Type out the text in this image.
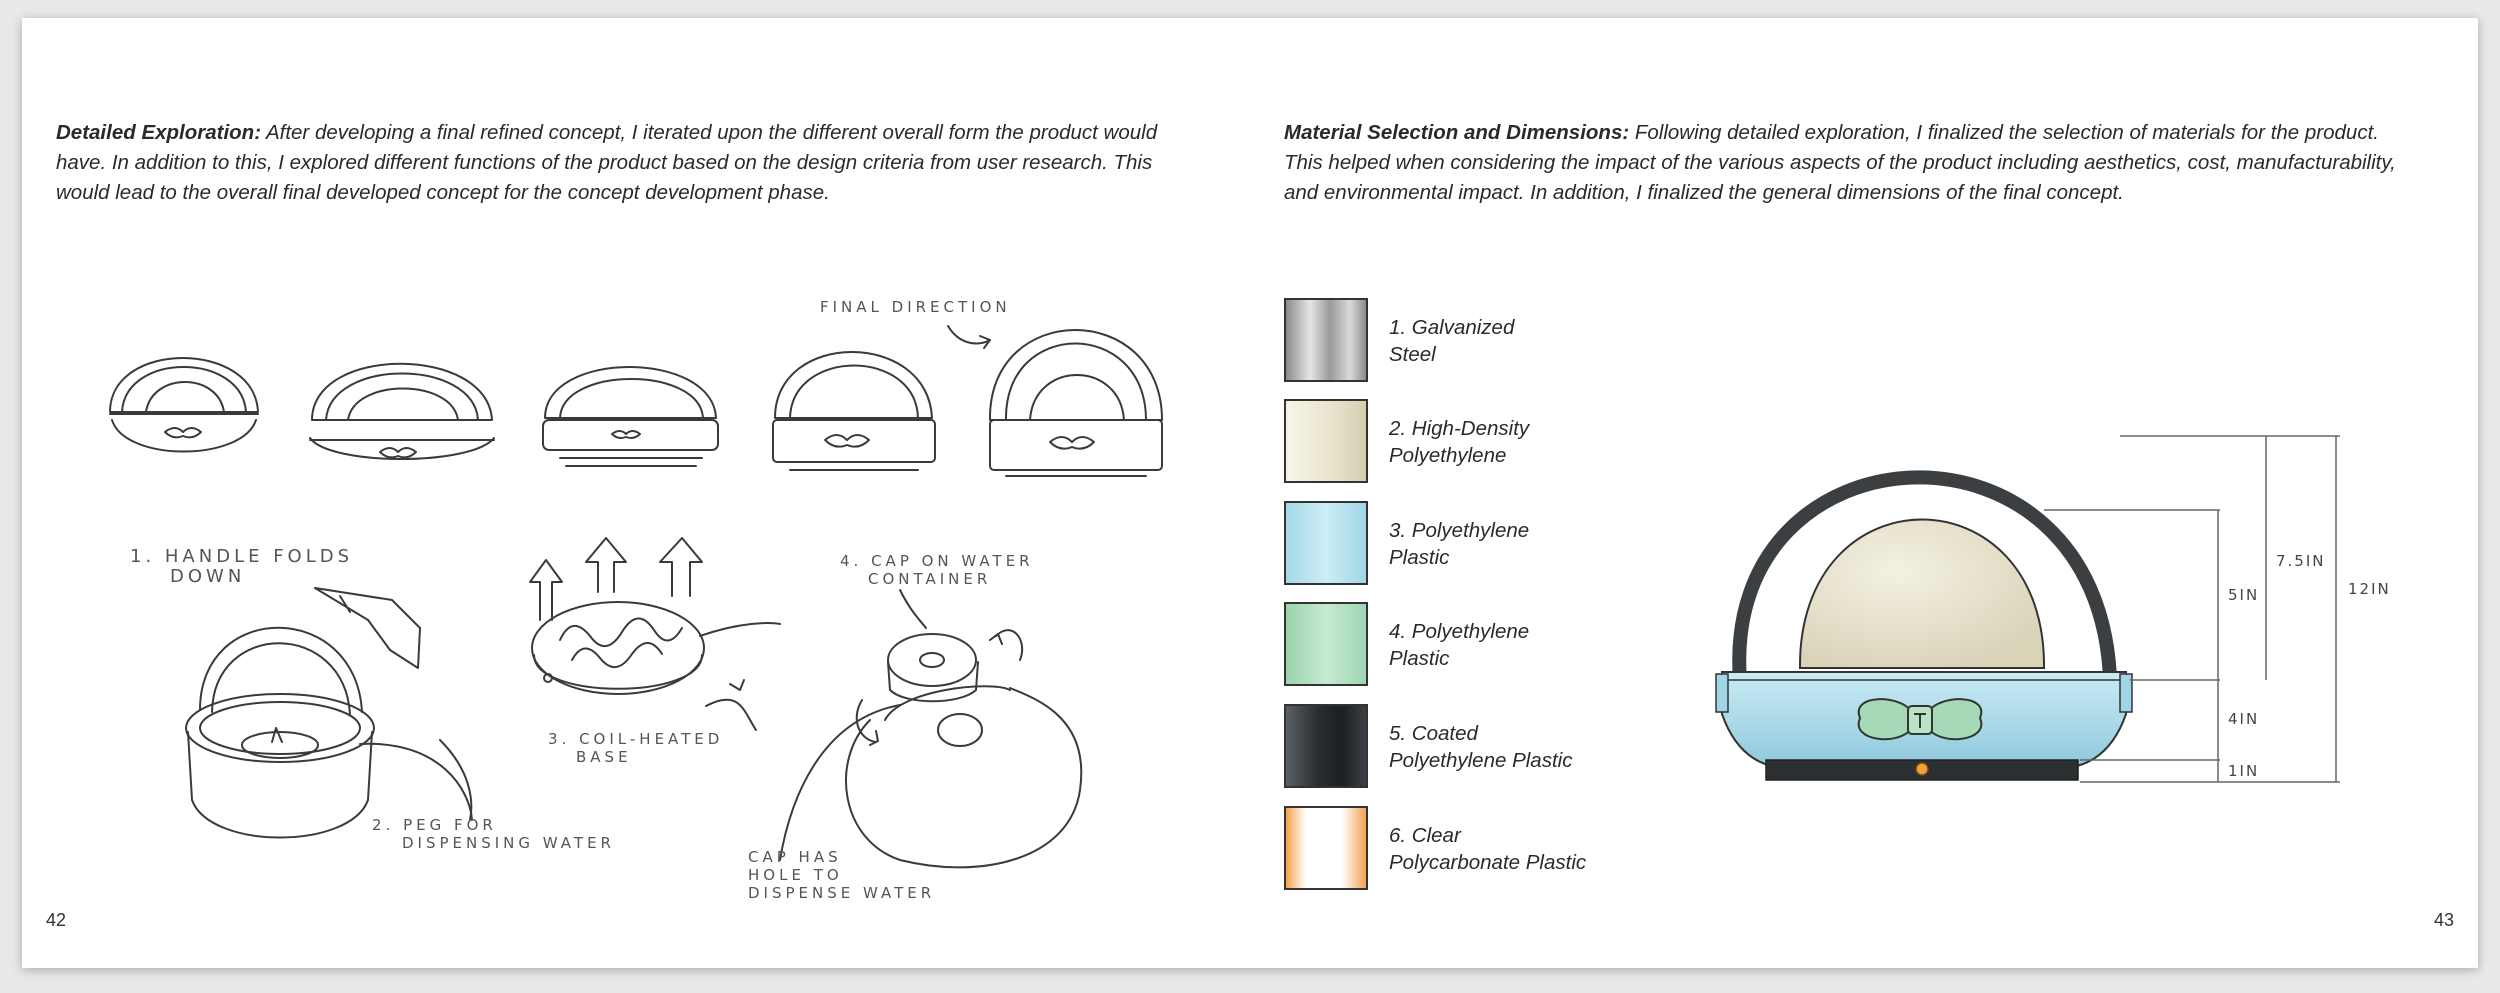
Detailed Exploration: After developing a final refined concept, I iterated upon the different overall form the product would have. In addition to this, I explored different functions of the product based on the design criteria from user research. This would lead to the overall final developed concept for the concept development phase.

Material Selection and Dimensions: Following detailed exploration, I finalized the selection of materials for the product. This helped when considering the impact of the various aspects of the product including aesthetics, cost, manufacturability, and environmental impact. In addition, I finalized the general dimensions of the final concept.

FINAL DIRECTION
1. HANDLE FOLDS
DOWN
2. PEG FOR
DISPENSING WATER
3. COIL-HEATED
BASE
4. CAP ON WATER
CONTAINER
CAP HAS
HOLE TO
DISPENSE WATER
1. Galvanized
Steel
2. High-Density
Polyethylene
3. Polyethylene
Plastic
4. Polyethylene
Plastic
5. Coated
Polyethylene Plastic
6. Clear
Polycarbonate Plastic
5IN
7.5IN
12IN
4IN
1IN
42	43
